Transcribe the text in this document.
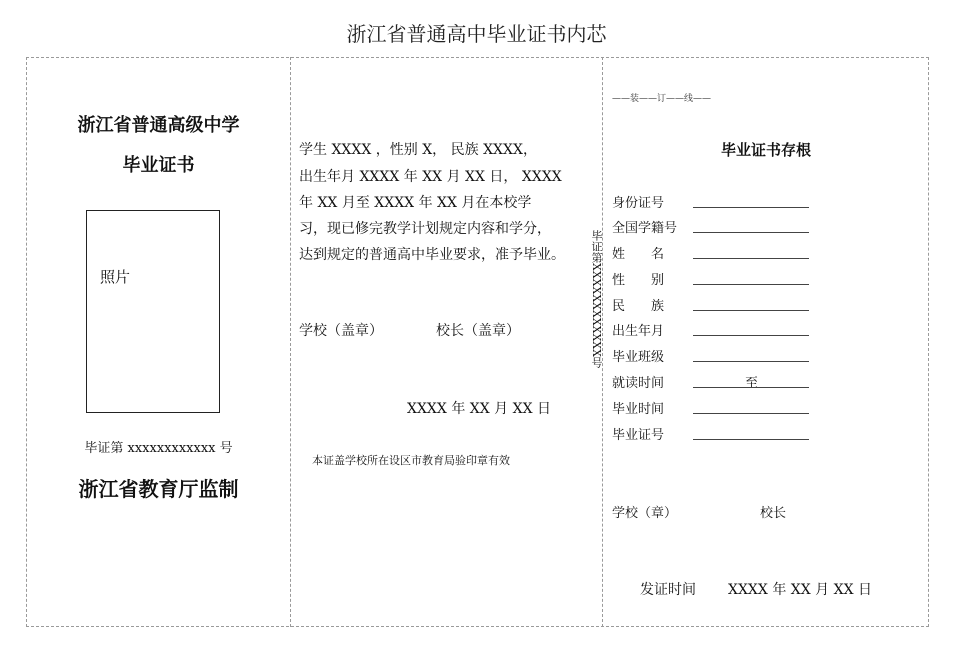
浙江省普通高中毕业证书内芯
浙江省普通高级中学
毕业证书
照片
毕证第 xxxxxxxxxxxx 号
浙江省教育厅监制
学生 XXXX ，性别 X， 民族 XXXX，
出生年月 XXXX 年 XX 月 XX 日， XXXX
年 XX 月至 XXXX 年 XX 月在本校学
习，现已修完教学计划规定内容和学分，
达到规定的普通高中毕业要求，准予毕业。
学校（盖章）	校长（盖章）
XXXX 年 XX 月 XX 日
本证盖学校所在设区市教育局验印章有效
毕证第XXXXXXXXXXXX号
——装——订——线——
毕业证书存根
身份证号
全国学籍号
姓　　名
性　　别
民　　族
出生年月
毕业班级
就读时间	至
毕业时间
毕业证号
学校（章）	校长
发证时间 XXXX 年 XX 月 XX 日
